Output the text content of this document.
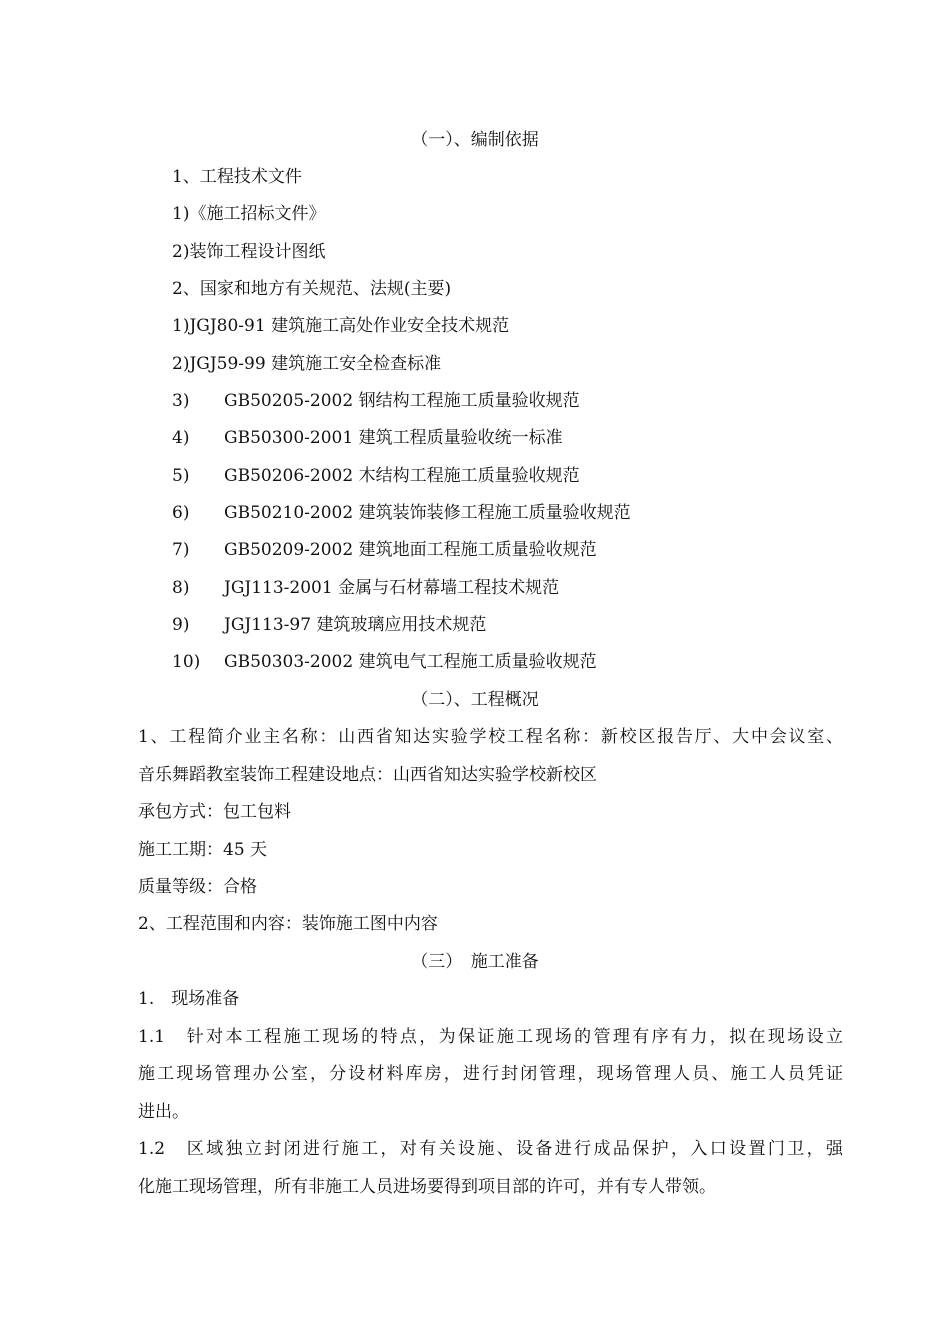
（一）、编制依据

1、工程技术文件

1)《施工招标文件》

2)装饰工程设计图纸

2、国家和地方有关规范、法规(主要)

1)JGJ80-91 建筑施工高处作业安全技术规范

2)JGJ59-99 建筑施工安全检查标准

3)	GB50205-2002 钢结构工程施工质量验收规范
4)	GB50300-2001 建筑工程质量验收统一标准
5)	GB50206-2002 木结构工程施工质量验收规范
6)	GB50210-2002 建筑装饰装修工程施工质量验收规范
7)	GB50209-2002 建筑地面工程施工质量验收规范
8)	JGJ113-2001 金属与石材幕墙工程技术规范
9)	JGJ113-97 建筑玻璃应用技术规范
10)	GB50303-2002 建筑电气工程施工质量验收规范

（二）、工程概况

1、工程简介业主名称：山西省知达实验学校工程名称：新校区报告厅、大中会议室、

音乐舞蹈教室装饰工程建设地点：山西省知达实验学校新校区

承包方式：包工包料

施工工期：45 天

质量等级：合格

2、工程范围和内容：装饰施工图中内容

（三）　施工准备

1.　现场准备

1.1　针对本工程施工现场的特点，为保证施工现场的管理有序有力，拟在现场设立

施工现场管理办公室，分设材料库房，进行封闭管理，现场管理人员、施工人员凭证

进出。

1.2　区域独立封闭进行施工，对有关设施、设备进行成品保护，入口设置门卫，强

化施工现场管理，所有非施工人员进场要得到项目部的许可，并有专人带领。
